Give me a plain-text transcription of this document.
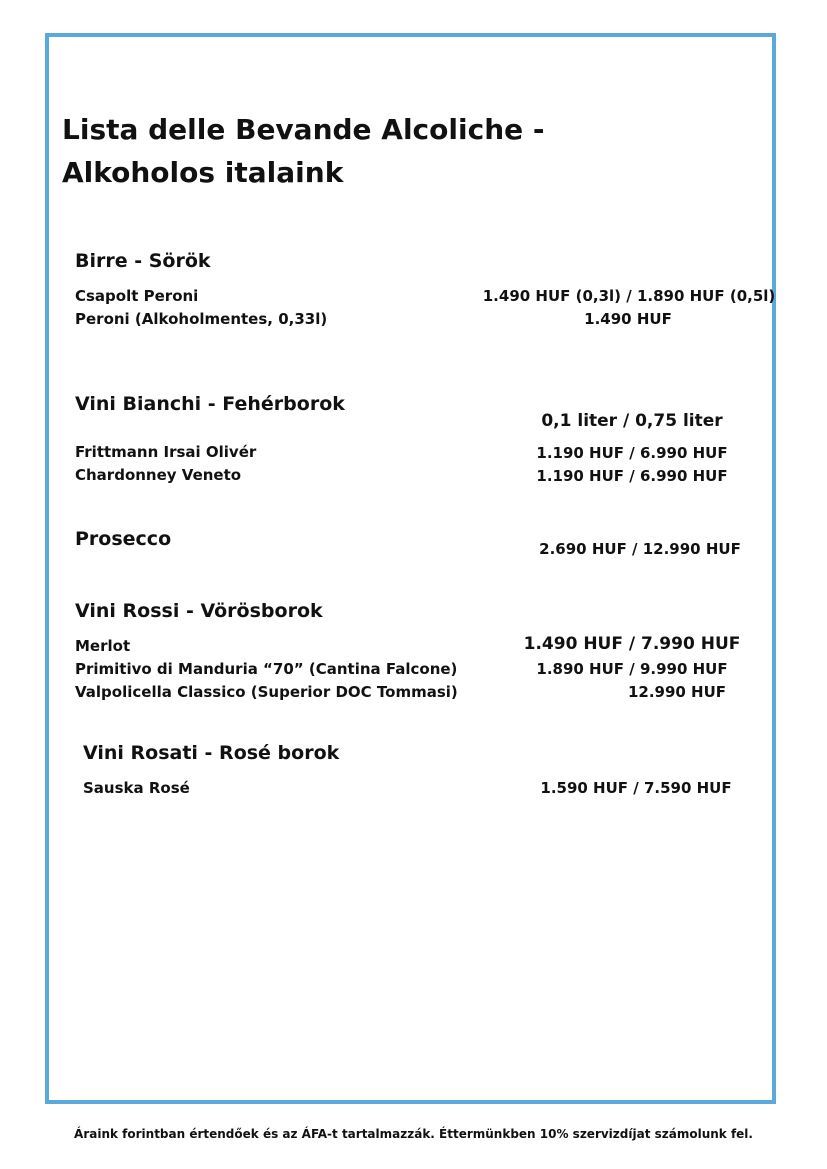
Lista delle Bevande Alcoliche -
Alkoholos italaink
Birre - Sörök
Csapolt Peroni	1.490 HUF (0,3l) / 1.890 HUF (0,5l)
Peroni (Alkoholmentes, 0,33l)	1.490 HUF
Vini Bianchi - Fehérborok
0,1 liter / 0,75 liter
Frittmann Irsai Olivér	1.190 HUF / 6.990 HUF
Chardonney Veneto	1.190 HUF / 6.990 HUF
Prosecco	2.690 HUF / 12.990 HUF
Vini Rossi - Vörösborok
Merlot	1.490 HUF / 7.990 HUF
Primitivo di Manduria “70” (Cantina Falcone)	1.890 HUF / 9.990 HUF
Valpolicella Classico (Superior DOC Tommasi)	12.990 HUF
Vini Rosati - Rosé borok
Sauska Rosé	1.590 HUF / 7.590 HUF
Áraink forintban értendőek és az ÁFA-t tartalmazzák. Éttermünkben 10% szervizdíjat számolunk fel.
